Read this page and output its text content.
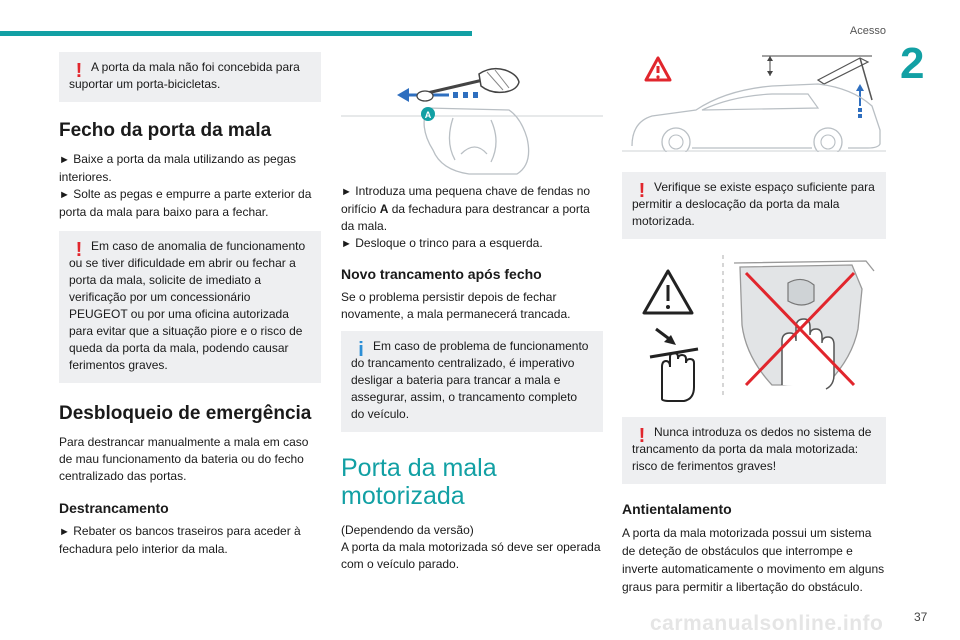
Acesso
2
! A porta da mala não foi concebida para suportar um porta-bicicletas.
Fecho da porta da mala

► Baixe a porta da mala utilizando as pegas interiores.

► Solte as pegas e empurre a parte exterior da porta da mala para baixo para a fechar.

! Em caso de anomalia de funcionamento ou se tiver dificuldade em abrir ou fechar a porta da mala, solicite de imediato a verificação por um concessionário PEUGEOT ou por uma oficina autorizada para evitar que a situação piore e o risco de queda da porta da mala, podendo causar ferimentos graves.
Desbloqueio de emergência

Para destrancar manualmente a mala em caso de mau funcionamento da bateria ou do fecho centralizado das portas.

Destrancamento

► Rebater os bancos traseiros para aceder à fechadura pelo interior da mala.

A

► Introduza uma pequena chave de fendas no orifício A da fechadura para destrancar a porta da mala.

► Desloque o trinco para a esquerda.

Novo trancamento após fecho

Se o problema persistir depois de fechar novamente, a mala permanecerá trancada.

i Em caso de problema de funcionamento do trancamento centralizado, é imperativo desligar a bateria para trancar a mala e assegurar, assim, o trancamento completo do veículo.
Porta da mala motorizada

(Dependendo da versão)

A porta da mala motorizada só deve ser operada com o veículo parado.

! Verifique se existe espaço suficiente para permitir a deslocação da porta da mala motorizada.
! Nunca introduza os dedos no sistema de trancamento da porta da mala motorizada: risco de ferimentos graves!
Antientalamento

A porta da mala motorizada possui um sistema de deteção de obstáculos que interrompe e inverte automaticamente o movimento em alguns graus para permitir a libertação do obstáculo.

37
carmanualsonline.info
